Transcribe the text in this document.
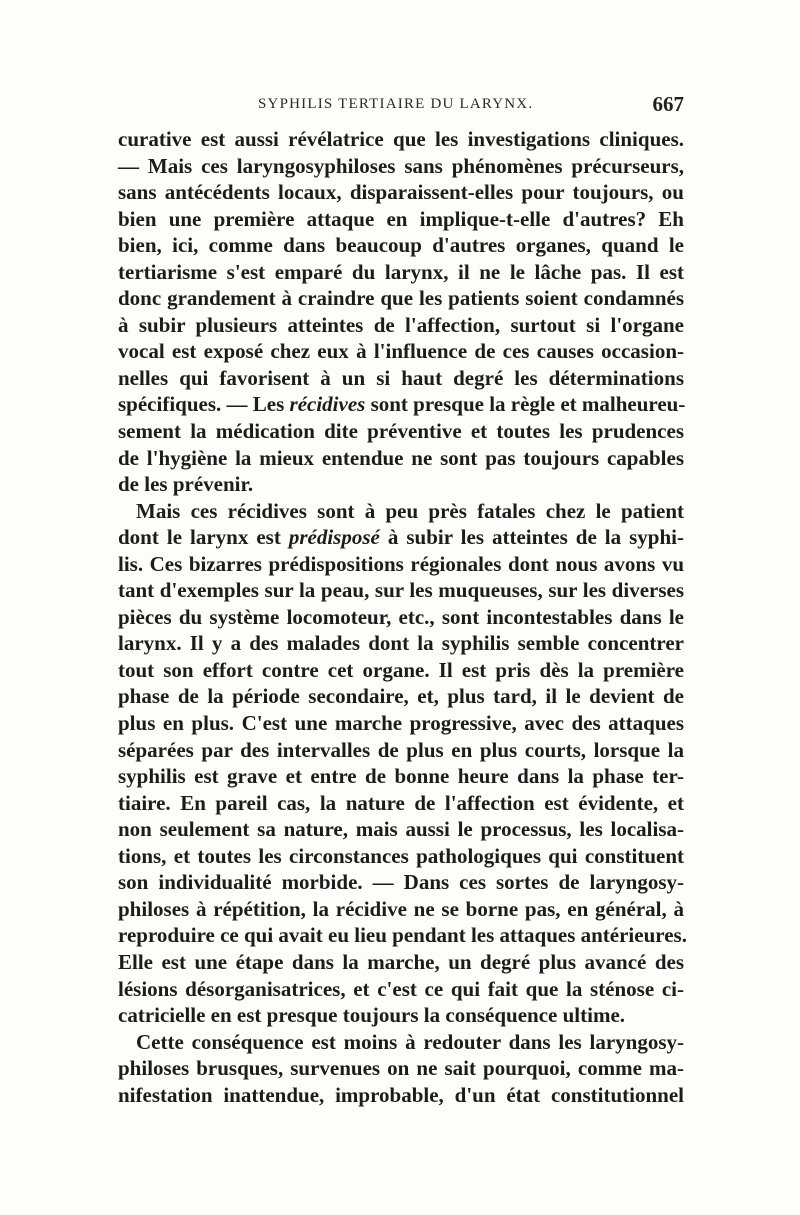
SYPHILIS TERTIAIRE DU LARYNX.	667
curative est aussi révélatrice que les investigations cliniques.
— Mais ces laryngosyphiloses sans phénomènes précurseurs,
sans antécédents locaux, disparaissent-elles pour toujours, ou
bien une première attaque en implique-t-elle d'autres? Eh
bien, ici, comme dans beaucoup d'autres organes, quand le
tertiarisme s'est emparé du larynx, il ne le lâche pas. Il est
donc grandement à craindre que les patients soient condamnés
à subir plusieurs atteintes de l'affection, surtout si l'organe
vocal est exposé chez eux à l'influence de ces causes occasion-
nelles qui favorisent à un si haut degré les déterminations
spécifiques. — Les récidives sont presque la règle et malheureu-
sement la médication dite préventive et toutes les prudences
de l'hygiène la mieux entendue ne sont pas toujours capables
de les prévenir.
Mais ces récidives sont à peu près fatales chez le patient
dont le larynx est prédisposé à subir les atteintes de la syphi-
lis. Ces bizarres prédispositions régionales dont nous avons vu
tant d'exemples sur la peau, sur les muqueuses, sur les diverses
pièces du système locomoteur, etc., sont incontestables dans le
larynx. Il y a des malades dont la syphilis semble concentrer
tout son effort contre cet organe. Il est pris dès la première
phase de la période secondaire, et, plus tard, il le devient de
plus en plus. C'est une marche progressive, avec des attaques
séparées par des intervalles de plus en plus courts, lorsque la
syphilis est grave et entre de bonne heure dans la phase ter-
tiaire. En pareil cas, la nature de l'affection est évidente, et
non seulement sa nature, mais aussi le processus, les localisa-
tions, et toutes les circonstances pathologiques qui constituent
son individualité morbide. — Dans ces sortes de laryngosy-
philoses à répétition, la récidive ne se borne pas, en général, à
reproduire ce qui avait eu lieu pendant les attaques antérieures.
Elle est une étape dans la marche, un degré plus avancé des
lésions désorganisatrices, et c'est ce qui fait que la sténose ci-
catricielle en est presque toujours la conséquence ultime.
Cette conséquence est moins à redouter dans les laryngosy-
philoses brusques, survenues on ne sait pourquoi, comme ma-
nifestation inattendue, improbable, d'un état constitutionnel
